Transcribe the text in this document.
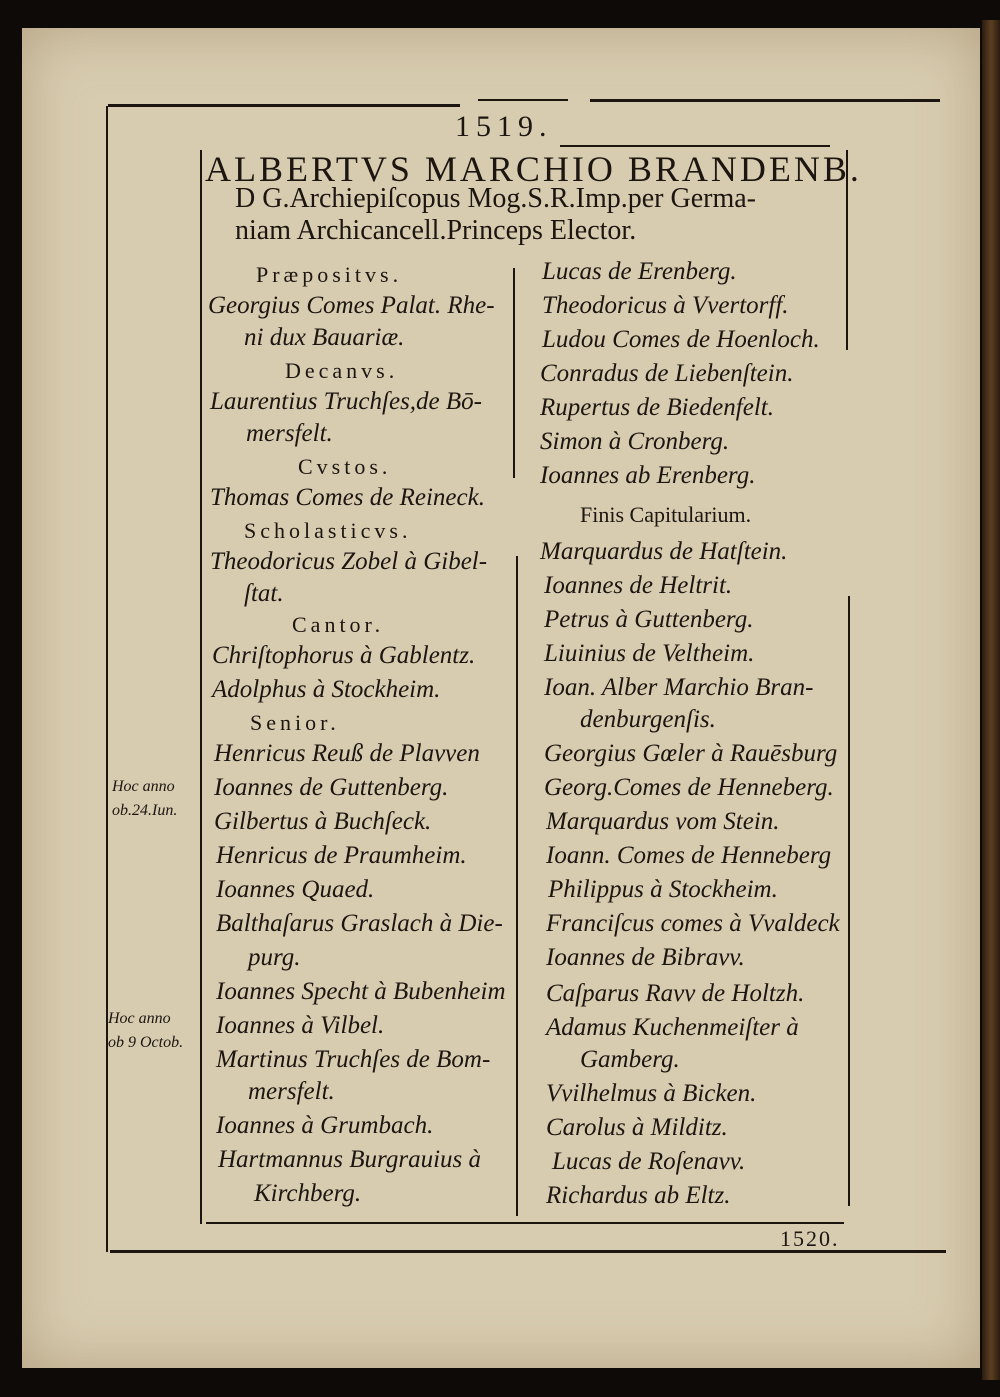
1519.
ALBERTVS MARCHIO BRANDENB.
D G.Archiepiſcopus Mog.S.R.Imp.per Germa-
niam Archicancell.Princeps Elector.
Hoc anno
ob.24.Iun.
Hoc anno
ob 9 Octob.
Præpositvs.
Georgius Comes Palat. Rhe-
ni dux Bauariæ.
Decanvs.
Laurentius Truchſes,de Bō-
mersfelt.
Cvstos.
Thomas Comes de Reineck.
Scholasticvs.
Theodoricus Zobel à Gibel-
ſtat.
Cantor.
Chriſtophorus à Gablentz.
Adolphus à Stockheim.
Senior.
Henricus Reuß de Plavven
Ioannes de Guttenberg.
Gilbertus à Buchſeck.
Henricus de Praumheim.
Ioannes Quaed.
Balthaſarus Graslach à Die-
purg.
Ioannes Specht à Bubenheim
Ioannes à Vilbel.
Martinus Truchſes de Bom-
mersfelt.
Ioannes à Grumbach.
Hartmannus Burgrauius à
Kirchberg.
Lucas de Erenberg.
Theodoricus à Vvertorff.
Ludou Comes de Hoenloch.
Conradus de Liebenſtein.
Rupertus de Biedenfelt.
Simon à Cronberg.
Ioannes ab Erenberg.
Finis Capitularium.
Marquardus de Hatſtein.
Ioannes de Heltrit.
Petrus à Guttenberg.
Liuinius de Veltheim.
Ioan. Alber Marchio Bran-
denburgenſis.
Georgius Gœler à Rauēsburg
Georg.Comes de Henneberg.
Marquardus vom Stein.
Ioann. Comes de Henneberg
Philippus à Stockheim.
Franciſcus comes à Vvaldeck
Ioannes de Bibravv.
Caſparus Ravv de Holtzh.
Adamus Kuchenmeiſter à
Gamberg.
Vvilhelmus à Bicken.
Carolus à Milditz.
Lucas de Roſenavv.
Richardus ab Eltz.
1520.
